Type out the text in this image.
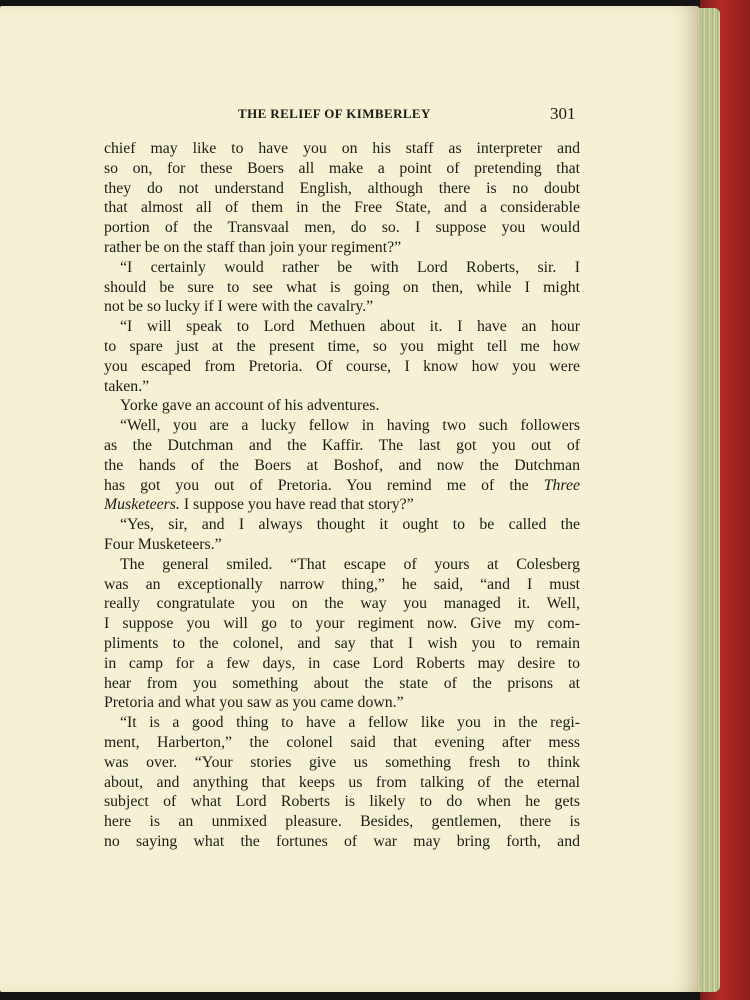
THE RELIEF OF KIMBERLEY	301
chief may like to have you on his staff as interpreter and
so on, for these Boers all make a point of pretending that
they do not understand English, although there is no doubt
that almost all of them in the Free State, and a considerable
portion of the Transvaal men, do so. I suppose you would
rather be on the staff than join your regiment?”
“I certainly would rather be with Lord Roberts, sir. I
should be sure to see what is going on then, while I might
not be so lucky if I were with the cavalry.”
“I will speak to Lord Methuen about it. I have an hour
to spare just at the present time, so you might tell me how
you escaped from Pretoria. Of course, I know how you were
taken.”
Yorke gave an account of his adventures.
“Well, you are a lucky fellow in having two such followers
as the Dutchman and the Kaffir. The last got you out of
the hands of the Boers at Boshof, and now the Dutchman
has got you out of Pretoria. You remind me of the Three
Musketeers. I suppose you have read that story?”
“Yes, sir, and I always thought it ought to be called the
Four Musketeers.”
The general smiled. “That escape of yours at Colesberg
was an exceptionally narrow thing,” he said, “and I must
really congratulate you on the way you managed it. Well,
I suppose you will go to your regiment now. Give my com-
pliments to the colonel, and say that I wish you to remain
in camp for a few days, in case Lord Roberts may desire to
hear from you something about the state of the prisons at
Pretoria and what you saw as you came down.”
“It is a good thing to have a fellow like you in the regi-
ment, Harberton,” the colonel said that evening after mess
was over. “Your stories give us something fresh to think
about, and anything that keeps us from talking of the eternal
subject of what Lord Roberts is likely to do when he gets
here is an unmixed pleasure. Besides, gentlemen, there is
no saying what the fortunes of war may bring forth, and
